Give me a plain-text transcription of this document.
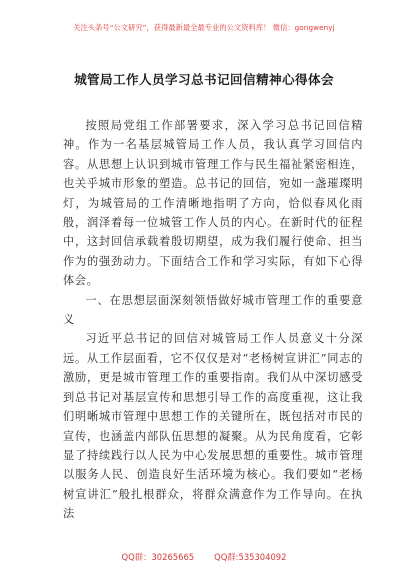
关注头条号“公文研究”，获得最新最全最专业的公文资料库！ 微信：gongwenyj
城管局工作人员学习总书记回信精神心得体会

按照局党组工作部署要求，深入学习总书记回信精神。作为一名基层城管局工作人员，我认真学习回信内容。从思想上认识到城市管理工作与民生福祉紧密相连，也关乎城市形象的塑造。总书记的回信，宛如一盏璀璨明灯，为城管局的工作清晰地指明了方向，恰似春风化雨般，润泽着每一位城管工作人员的内心。在新时代的征程中，这封回信承载着殷切期望，成为我们履行使命、担当作为的强劲动力。下面结合工作和学习实际，有如下心得体会。

一、在思想层面深刻领悟做好城市管理工作的重要意义

习近平总书记的回信对城管局工作人员意义十分深远。从工作层面看，它不仅仅是对“老杨树宣讲汇”同志的激励，更是城市管理工作的重要指南。我们从中深切感受到总书记对基层宣传和思想引导工作的高度重视，这让我们明晰城市管理中思想工作的关键所在，既包括对市民的宣传，也涵盖内部队伍思想的凝聚。从为民角度看，它彰显了持续践行以人民为中心发展思想的重要性。城市管理以服务人民、创造良好生活环境为核心。我们要如“老杨树宣讲汇”般扎根群众，将群众满意作为工作导向。在执法

QQ群：30265665 QQ群:535304092
